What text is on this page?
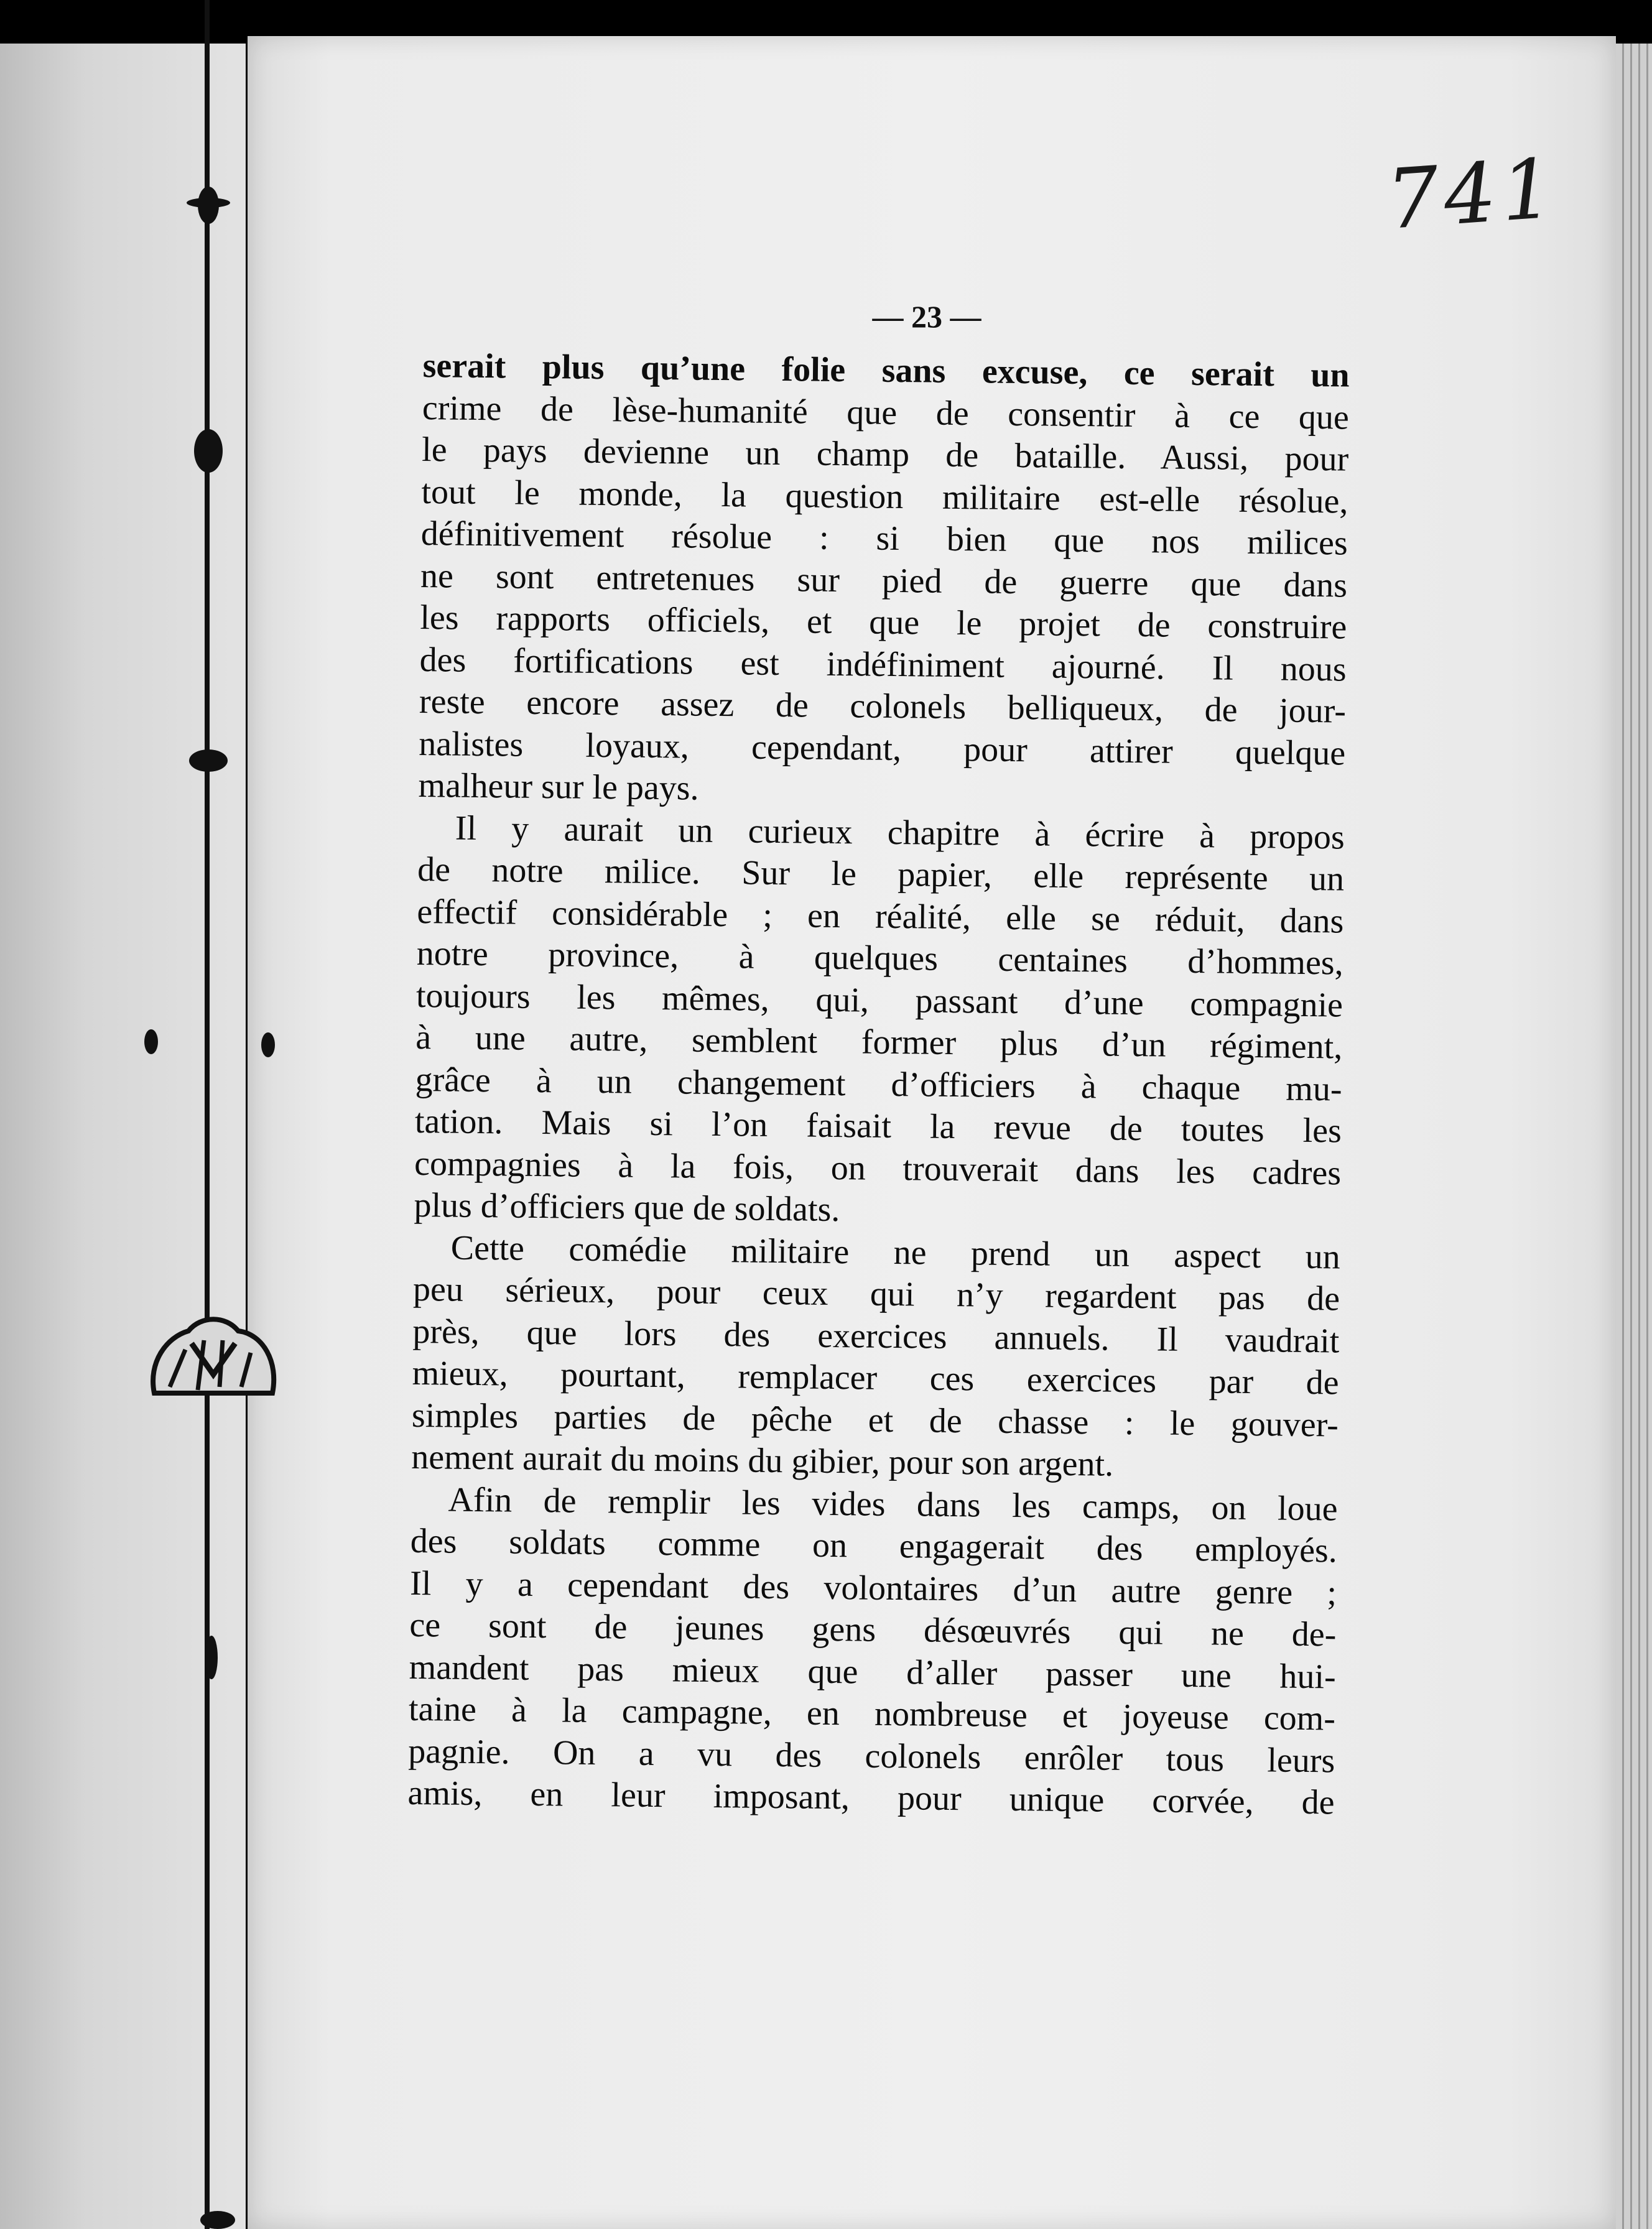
741
— 23 —
serait plus qu’une folie sans excuse, ce serait un
crime de lèse-humanité que de consentir à ce que
le pays devienne un champ de bataille. Aussi, pour
tout le monde, la question militaire est-elle résolue,
définitivement résolue : si bien que nos milices
ne sont entretenues sur pied de guerre que dans
les rapports officiels, et que le projet de construire
des fortifications est indéfiniment ajourné. Il nous
reste encore assez de colonels belliqueux, de jour-
nalistes loyaux, cependant, pour attirer quelque
malheur sur le pays.
Il y aurait un curieux chapitre à écrire à propos
de notre milice. Sur le papier, elle représente un
effectif considérable ; en réalité, elle se réduit, dans
notre province, à quelques centaines d’hommes,
toujours les mêmes, qui, passant d’une compagnie
à une autre, semblent former plus d’un régiment,
grâce à un changement d’officiers à chaque mu-
tation. Mais si l’on faisait la revue de toutes les
compagnies à la fois, on trouverait dans les cadres
plus d’officiers que de soldats.
Cette comédie militaire ne prend un aspect un
peu sérieux, pour ceux qui n’y regardent pas de
près, que lors des exercices annuels. Il vaudrait
mieux, pourtant, remplacer ces exercices par de
simples parties de pêche et de chasse : le gouver-
nement aurait du moins du gibier, pour son argent.
Afin de remplir les vides dans les camps, on loue
des soldats comme on engagerait des employés.
Il y a cependant des volontaires d’un autre genre ;
ce sont de jeunes gens désœuvrés qui ne de-
mandent pas mieux que d’aller passer une hui-
taine à la campagne, en nombreuse et joyeuse com-
pagnie. On a vu des colonels enrôler tous leurs
amis, en leur imposant, pour unique corvée, de
